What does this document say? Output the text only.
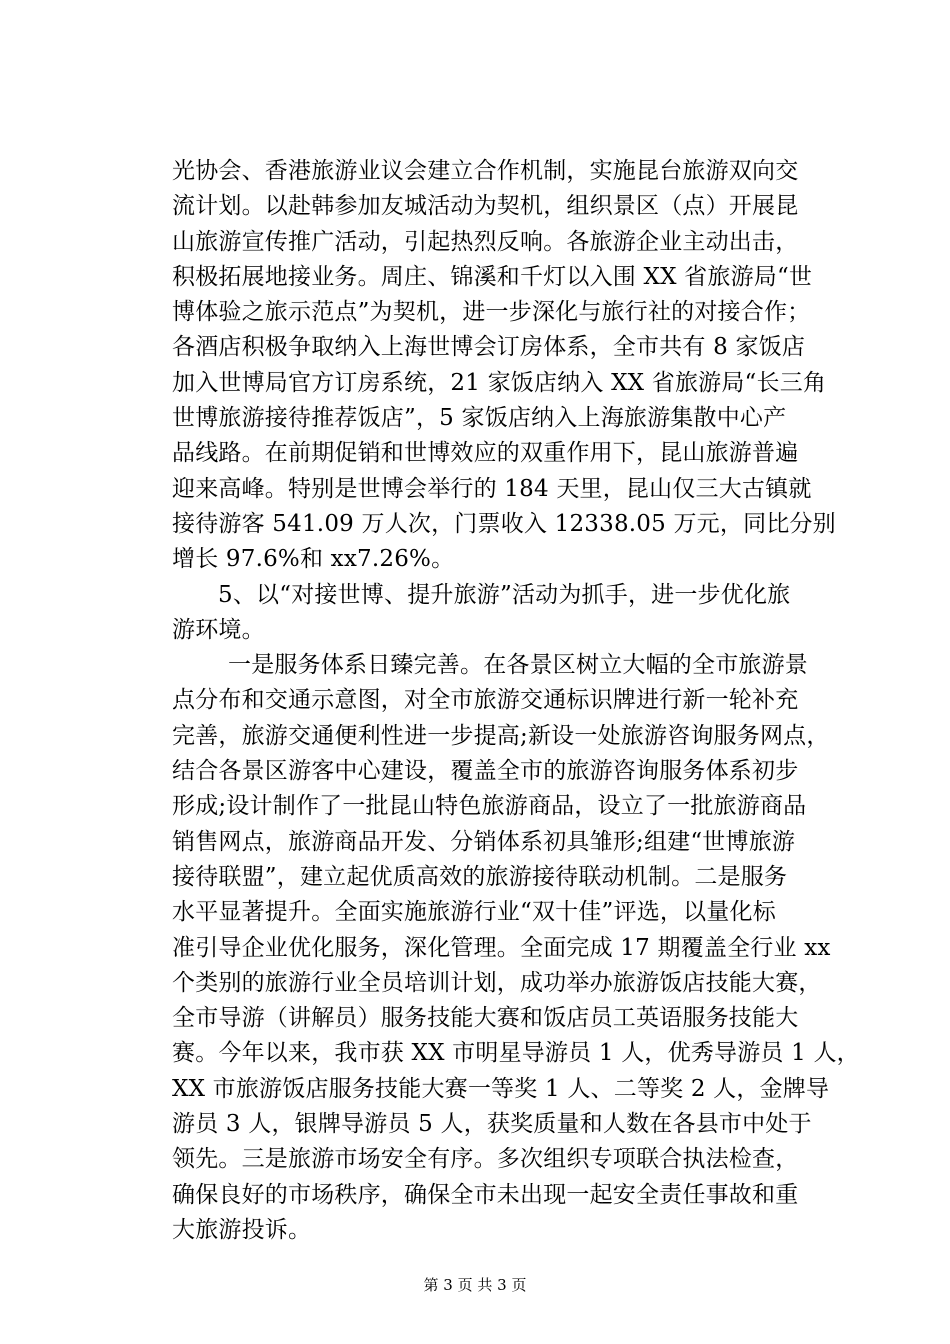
光协会、香港旅游业议会建立合作机制，实施昆台旅游双向交
流计划。以赴韩参加友城活动为契机，组织景区（点）开展昆
山旅游宣传推广活动，引起热烈反响。各旅游企业主动出击，
积极拓展地接业务。周庄、锦溪和千灯以入围 XX 省旅游局“世
博体验之旅示范点”为契机，进一步深化与旅行社的对接合作；
各酒店积极争取纳入上海世博会订房体系，全市共有 8 家饭店
加入世博局官方订房系统，21 家饭店纳入 XX 省旅游局“长三角
世博旅游接待推荐饭店”，5 家饭店纳入上海旅游集散中心产
品线路。在前期促销和世博效应的双重作用下，昆山旅游普遍
迎来高峰。特别是世博会举行的 184 天里，昆山仅三大古镇就
接待游客 541.09 万人次，门票收入 12338.05 万元，同比分别
增长 97.6%和 xx7.26%。
5、以“对接世博、提升旅游”活动为抓手，进一步优化旅
游环境。
一是服务体系日臻完善。在各景区树立大幅的全市旅游景
点分布和交通示意图，对全市旅游交通标识牌进行新一轮补充
完善，旅游交通便利性进一步提高;新设一处旅游咨询服务网点，
结合各景区游客中心建设，覆盖全市的旅游咨询服务体系初步
形成;设计制作了一批昆山特色旅游商品，设立了一批旅游商品
销售网点，旅游商品开发、分销体系初具雏形;组建“世博旅游
接待联盟”，建立起优质高效的旅游接待联动机制。二是服务
水平显著提升。全面实施旅游行业“双十佳”评选，以量化标
准引导企业优化服务，深化管理。全面完成 17 期覆盖全行业 xx
个类别的旅游行业全员培训计划，成功举办旅游饭店技能大赛，
全市导游（讲解员）服务技能大赛和饭店员工英语服务技能大
赛。今年以来，我市获 XX 市明星导游员 1 人，优秀导游员 1 人，
XX 市旅游饭店服务技能大赛一等奖 1 人、二等奖 2 人，金牌导
游员 3 人，银牌导游员 5 人，获奖质量和人数在各县市中处于
领先。三是旅游市场安全有序。多次组织专项联合执法检查，
确保良好的市场秩序，确保全市未出现一起安全责任事故和重
大旅游投诉。
第 3 页 共 3 页
